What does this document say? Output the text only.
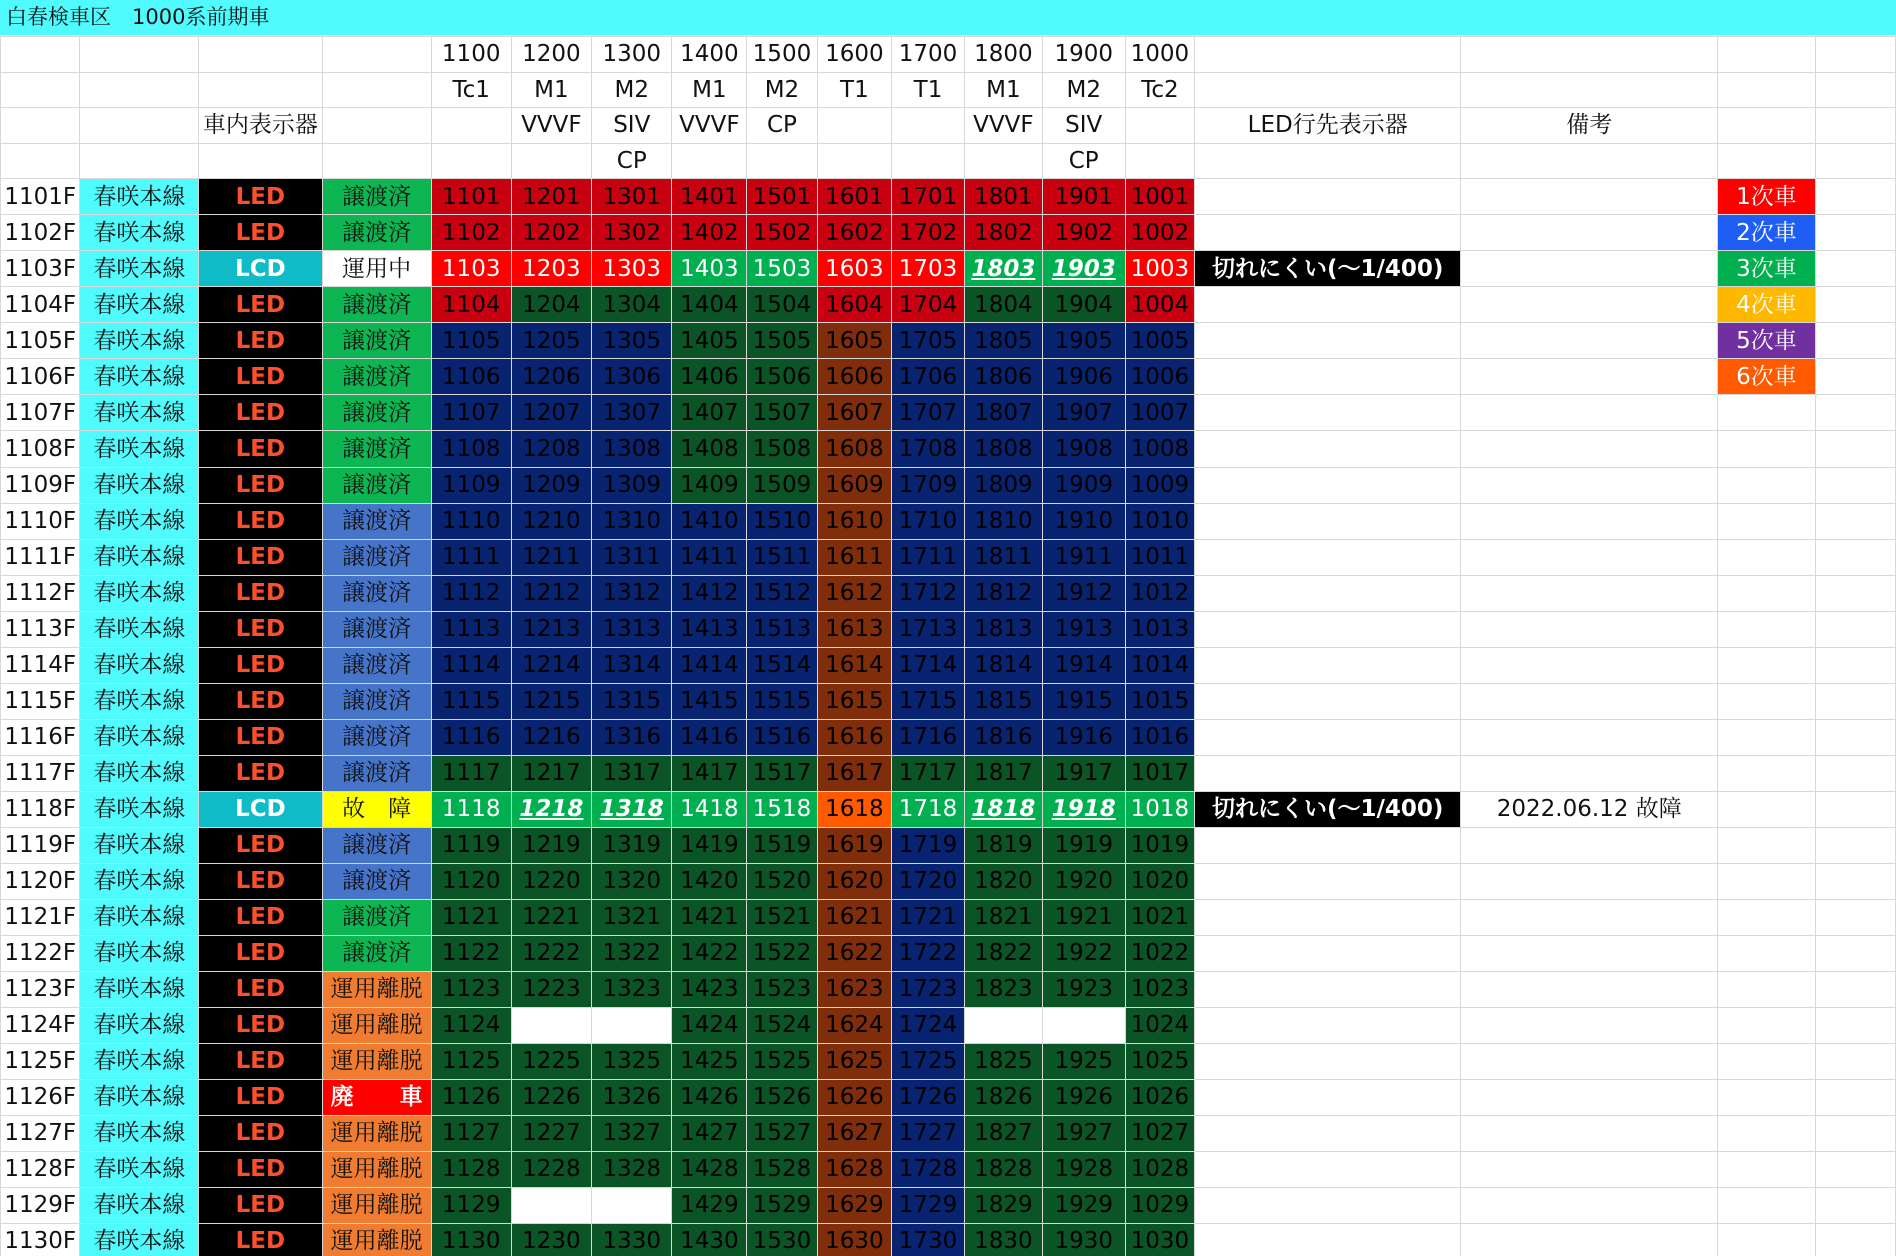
白春検車区　1000系前期車
				1100	1200	1300	1400	1500	1600	1700	1800	1900	1000				
				Tc1	M1	M2	M1	M2	T1	T1	M1	M2	Tc2				
		車内表示器			VVVF	SIV	VVVF	CP			VVVF	SIV		LED行先表示器	備考		
						CP						CP					
1101F	春咲本線	LED	譲渡済	1101	1201	1301	1401	1501	1601	1701	1801	1901	1001			1次車	
1102F	春咲本線	LED	譲渡済	1102	1202	1302	1402	1502	1602	1702	1802	1902	1002			2次車	
1103F	春咲本線	LCD	運用中	1103	1203	1303	1403	1503	1603	1703	1803	1903	1003	切れにくい(〜1/400)		3次車	
1104F	春咲本線	LED	譲渡済	1104	1204	1304	1404	1504	1604	1704	1804	1904	1004			4次車	
1105F	春咲本線	LED	譲渡済	1105	1205	1305	1405	1505	1605	1705	1805	1905	1005			5次車	
1106F	春咲本線	LED	譲渡済	1106	1206	1306	1406	1506	1606	1706	1806	1906	1006			6次車	
1107F	春咲本線	LED	譲渡済	1107	1207	1307	1407	1507	1607	1707	1807	1907	1007				
1108F	春咲本線	LED	譲渡済	1108	1208	1308	1408	1508	1608	1708	1808	1908	1008				
1109F	春咲本線	LED	譲渡済	1109	1209	1309	1409	1509	1609	1709	1809	1909	1009				
1110F	春咲本線	LED	譲渡済	1110	1210	1310	1410	1510	1610	1710	1810	1910	1010				
1111F	春咲本線	LED	譲渡済	1111	1211	1311	1411	1511	1611	1711	1811	1911	1011				
1112F	春咲本線	LED	譲渡済	1112	1212	1312	1412	1512	1612	1712	1812	1912	1012				
1113F	春咲本線	LED	譲渡済	1113	1213	1313	1413	1513	1613	1713	1813	1913	1013				
1114F	春咲本線	LED	譲渡済	1114	1214	1314	1414	1514	1614	1714	1814	1914	1014				
1115F	春咲本線	LED	譲渡済	1115	1215	1315	1415	1515	1615	1715	1815	1915	1015				
1116F	春咲本線	LED	譲渡済	1116	1216	1316	1416	1516	1616	1716	1816	1916	1016				
1117F	春咲本線	LED	譲渡済	1117	1217	1317	1417	1517	1617	1717	1817	1917	1017				
1118F	春咲本線	LCD	故　障	1118	1218	1318	1418	1518	1618	1718	1818	1918	1018	切れにくい(〜1/400)	2022.06.12 故障		
1119F	春咲本線	LED	譲渡済	1119	1219	1319	1419	1519	1619	1719	1819	1919	1019				
1120F	春咲本線	LED	譲渡済	1120	1220	1320	1420	1520	1620	1720	1820	1920	1020				
1121F	春咲本線	LED	譲渡済	1121	1221	1321	1421	1521	1621	1721	1821	1921	1021				
1122F	春咲本線	LED	譲渡済	1122	1222	1322	1422	1522	1622	1722	1822	1922	1022				
1123F	春咲本線	LED	運用離脱	1123	1223	1323	1423	1523	1623	1723	1823	1923	1023				
1124F	春咲本線	LED	運用離脱	1124			1424	1524	1624	1724			1024				
1125F	春咲本線	LED	運用離脱	1125	1225	1325	1425	1525	1625	1725	1825	1925	1025				
1126F	春咲本線	LED	廃　　車	1126	1226	1326	1426	1526	1626	1726	1826	1926	1026				
1127F	春咲本線	LED	運用離脱	1127	1227	1327	1427	1527	1627	1727	1827	1927	1027				
1128F	春咲本線	LED	運用離脱	1128	1228	1328	1428	1528	1628	1728	1828	1928	1028				
1129F	春咲本線	LED	運用離脱	1129			1429	1529	1629	1729	1829	1929	1029				
1130F	春咲本線	LED	運用離脱	1130	1230	1330	1430	1530	1630	1730	1830	1930	1030				
